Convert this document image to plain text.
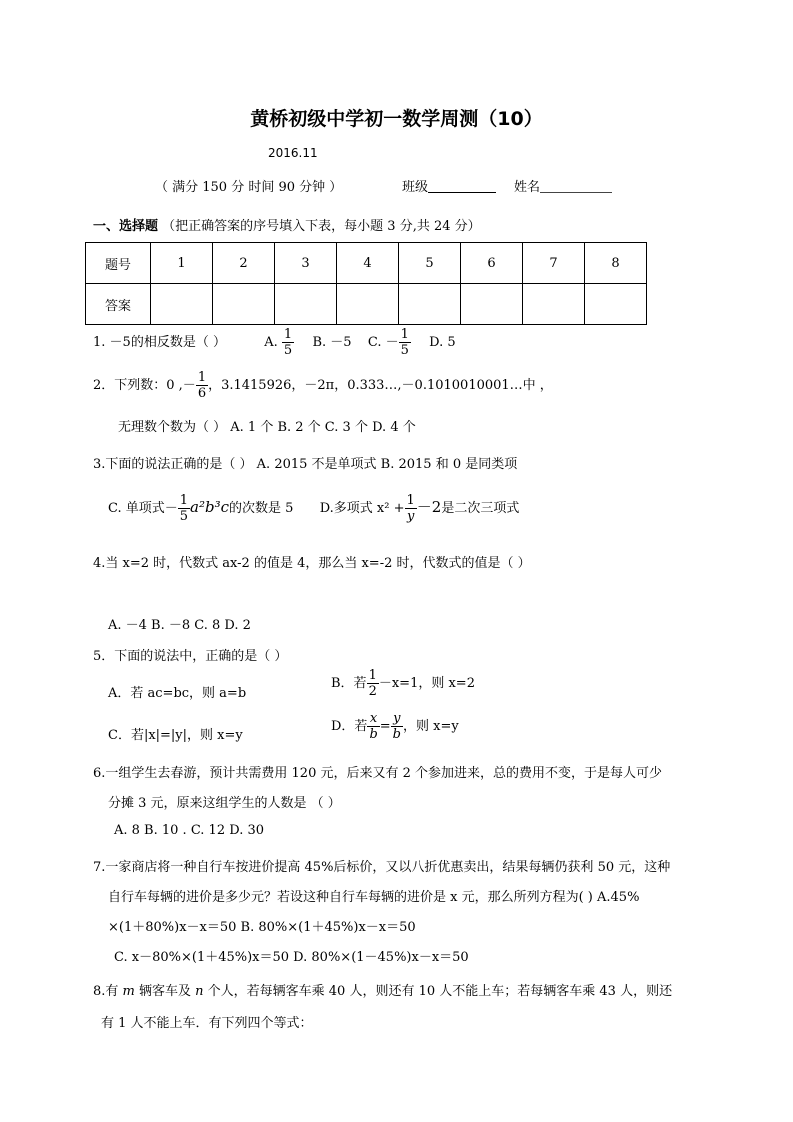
黄桥初级中学初一数学周测（10）
2016.11
（ 满分 150 分 时间 90 分钟 ）	班级	姓名
一、选择题 （把正确答案的序号填入下表，每小题 3 分,共 24 分）
题号	1	2	3	4	5	6	7	8
答案								
1. －5的相反数是（ ）	A. $\frac{1}{5} B$. －5 C. － $\frac{1}{5} D$. 5
2．下列数：0 ,－ $\frac{1}{6}$ ，3.1415926，－2π，0.333…,－0.1010010001…中 ，
无理数个数为（ ） A. 1 个 B. 2 个 C. 3 个 D. 4 个
3.下面的说法正确的是（ ） A. 2015 不是单项式 B. 2015 和 0 是同类项
C. 单项式－ $\frac{1}{5} a^2b^3c$的次数是 5 D.多项式 $x^2 + \frac{1}{y} -2$是二次三项式
4.当 x=2 时，代数式 ax-2 的值是 4，那么当 x=-2 时，代数式的值是（ ）
A. －4 B. －8 C. 8 D. 2
5．下面的说法中，正确的是（ ）
A．若 ac=bc，则 a=b
B．若 $\frac{1}{2} -x=1$，则 x=2
C．若|x|=|y|，则 x=y
D．若 $\frac{x}{b} = \frac{y}{b}$ ，则 x=y
6.一组学生去春游，预计共需费用 120 元，后来又有 2 个参加进来，总的费用不变，于是每人可少
分摊 3 元，原来这组学生的人数是 （ ）
A. 8 B. 10 . C. 12 D. 30
7.一家商店将一种自行车按进价提高 45%后标价，又以八折优惠卖出，结果每辆仍获利 50 元，这种
自行车每辆的进价是多少元？若设这种自行车每辆的进价是 x 元，那么所列方程为( ) A.45%
×(1＋80%)x－x＝50 B. 80%×(1＋45%)x－x＝50
C. x－80%×(1＋45%)x＝50 D. 80%×(1－45%)x－x＝50
8.有 m 辆客车及 n 个人，若每辆客车乘 40 人，则还有 10 人不能上车；若每辆客车乘 43 人，则还
有 1 人不能上车．有下列四个等式：
